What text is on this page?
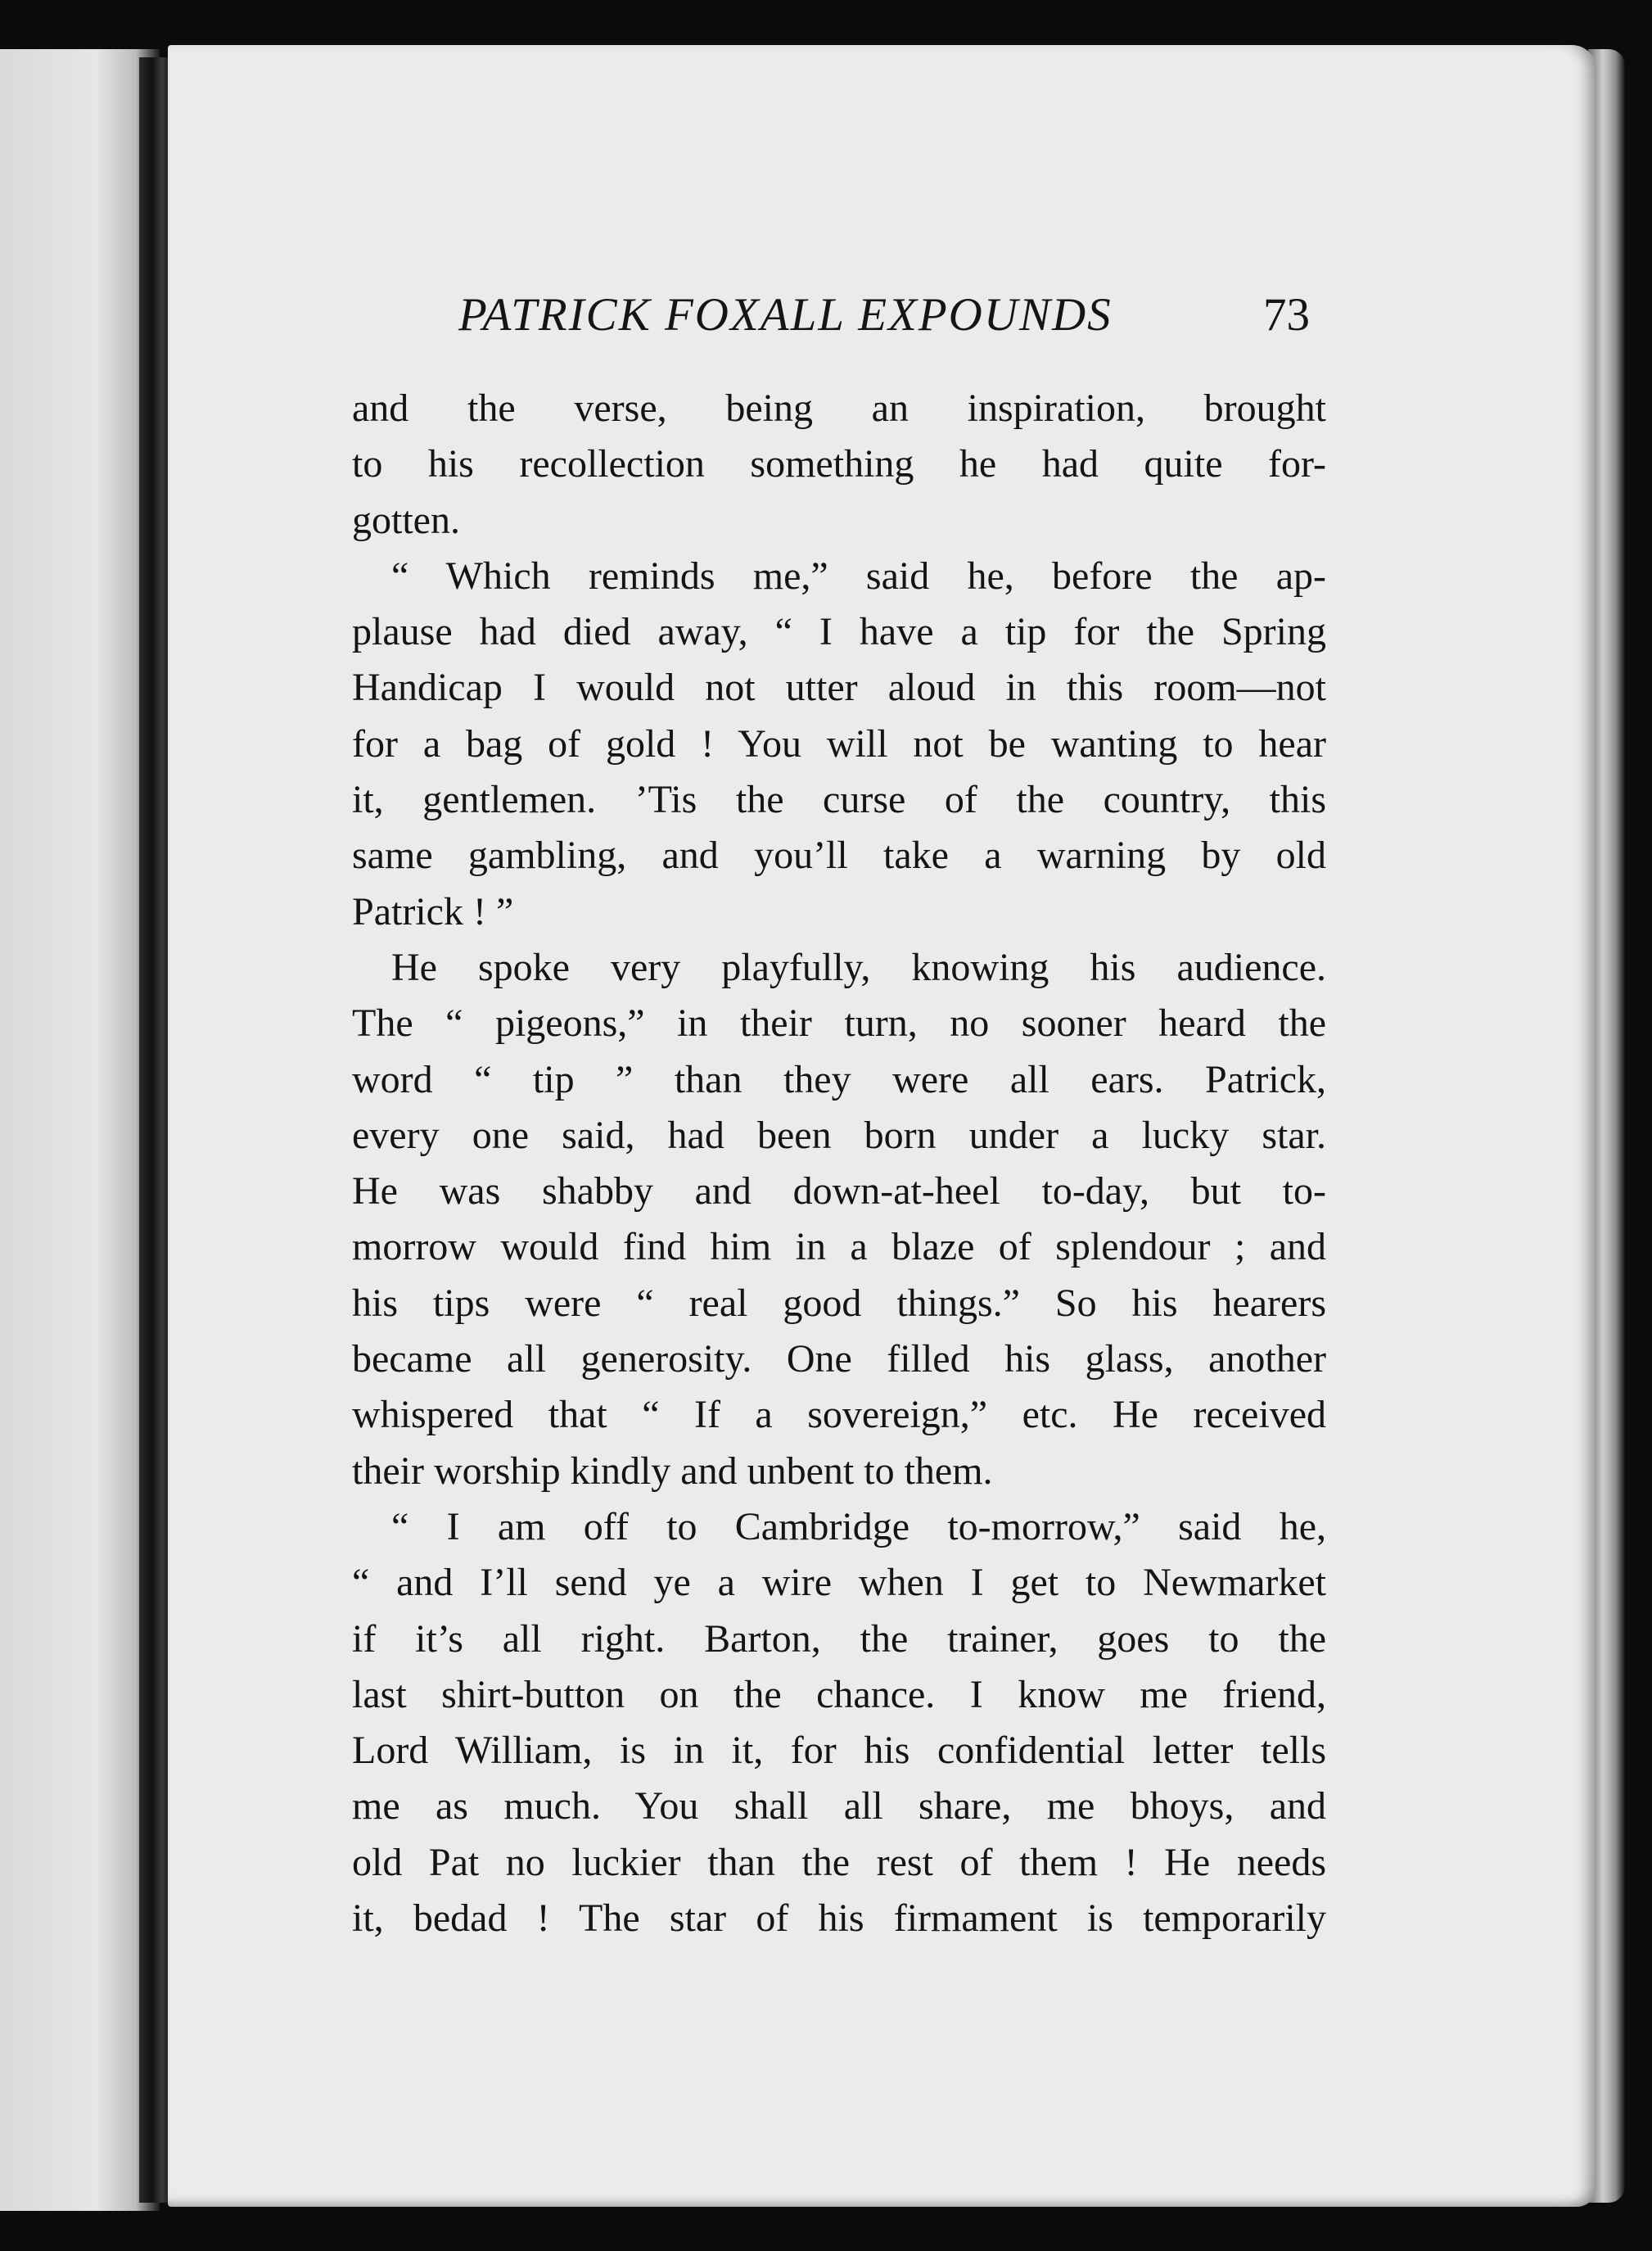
PATRICK FOXALL EXPOUNDS	73
and the verse, being an inspiration, brought
to his recollection something he had quite for-
gotten.
“ Which reminds me,” said he, before the ap-
plause had died away, “ I have a tip for the Spring
Handicap I would not utter aloud in this room—not
for a bag of gold ! You will not be wanting to hear
it, gentlemen. ’Tis the curse of the country, this
same gambling, and you’ll take a warning by old
Patrick ! ”
He spoke very playfully, knowing his audience.
The “ pigeons,” in their turn, no sooner heard the
word “ tip ” than they were all ears. Patrick,
every one said, had been born under a lucky star.
He was shabby and down-at-heel to-day, but to-
morrow would find him in a blaze of splendour ; and
his tips were “ real good things.” So his hearers
became all generosity. One filled his glass, another
whispered that “ If a sovereign,” etc. He received
their worship kindly and unbent to them.
“ I am off to Cambridge to-morrow,” said he,
“ and I’ll send ye a wire when I get to Newmarket
if it’s all right. Barton, the trainer, goes to the
last shirt-button on the chance. I know me friend,
Lord William, is in it, for his confidential letter tells
me as much. You shall all share, me bhoys, and
old Pat no luckier than the rest of them ! He needs
it, bedad ! The star of his firmament is temporarily
